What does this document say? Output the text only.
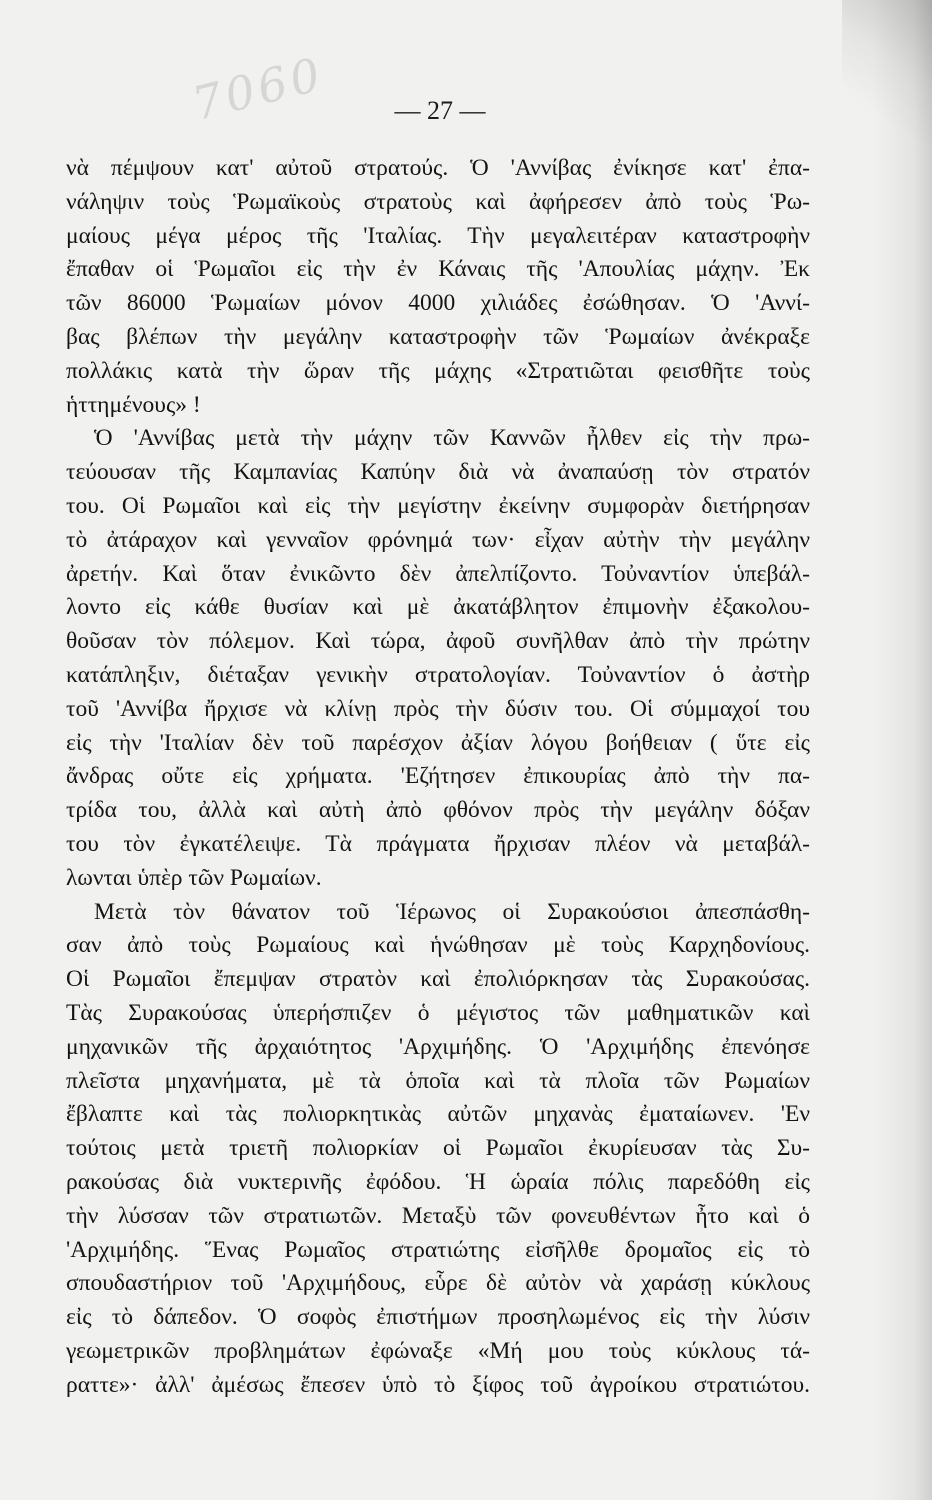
7060	— 27 —
νὰ πέμψουν κατ' αὐτοῦ στρατούς. Ὁ 'Αννίβας ἐνίκησε κατ' ἐπα-
νάληψιν τοὺς Ῥωμαϊκοὺς στρατοὺς καὶ ἀφήρεσεν ἀπὸ τοὺς Ῥω-
μαίους μέγα μέρος τῆς 'Ιταλίας. Τὴν μεγαλειτέραν καταστροφὴν
ἔπαθαν οἱ Ῥωμαῖοι εἰς τὴν ἐν Κάναις τῆς 'Απουλίας μάχην. Ἐκ
τῶν 86000 Ῥωμαίων μόνον 4000 χιλιάδες ἐσώθησαν. Ὁ 'Αννί-
βας βλέπων τὴν μεγάλην καταστροφὴν τῶν Ῥωμαίων ἀνέκραξε
πολλάκις κατὰ τὴν ὥραν τῆς μάχης «Στρατιῶται φεισθῆτε τοὺς
ἡττημένους» !
Ὁ 'Αννίβας μετὰ τὴν μάχην τῶν Καννῶν ἦλθεν εἰς τὴν πρω-
τεύουσαν τῆς Καμπανίας Καπύην διὰ νὰ ἀναπαύσῃ τὸν στρατόν
του. Οἱ Ρωμαῖοι καὶ εἰς τὴν μεγίστην ἐκείνην συμφορὰν διετήρησαν
τὸ ἀτάραχον καὶ γενναῖον φρόνημά των· εἶχαν αὐτὴν τὴν μεγάλην
ἀρετήν. Καὶ ὅταν ἐνικῶντο δὲν ἀπελπίζοντο. Τοὐναντίον ὑπεβάλ-
λοντο εἰς κάθε θυσίαν καὶ μὲ ἀκατάβλητον ἐπιμονὴν ἐξακολου-
θοῦσαν τὸν πόλεμον. Καὶ τώρα, ἀφοῦ συνῆλθαν ἀπὸ τὴν πρώτην
κατάπληξιν, διέταξαν γενικὴν στρατολογίαν. Τοὐναντίον ὁ ἀστὴρ
τοῦ 'Αννίβα ἤρχισε νὰ κλίνῃ πρὸς τὴν δύσιν του. Οἱ σύμμαχοί του
εἰς τὴν 'Ιταλίαν δὲν τοῦ παρέσχον ἀξίαν λόγου βοήθειαν ( ὕτε εἰς
ἄνδρας οὔτε εἰς χρήματα. 'Εζήτησεν ἐπικουρίας ἀπὸ τὴν πα-
τρίδα του, ἀλλὰ καὶ αὐτὴ ἀπὸ φθόνον πρὸς τὴν μεγάλην δόξαν
του τὸν ἐγκατέλειψε. Τὰ πράγματα ἤρχισαν πλέον νὰ μεταβάλ-
λωνται ὑπὲρ τῶν Ρωμαίων.
Μετὰ τὸν θάνατον τοῦ Ἱέρωνος οἱ Συρακούσιοι ἀπεσπάσθη-
σαν ἀπὸ τοὺς Ρωμαίους καὶ ἡνώθησαν μὲ τοὺς Καρχηδονίους.
Οἱ Ρωμαῖοι ἔπεμψαν στρατὸν καὶ ἐπολιόρκησαν τὰς Συρακούσας.
Τὰς Συρακούσας ὑπερήσπιζεν ὁ μέγιστος τῶν μαθηματικῶν καὶ
μηχανικῶν τῆς ἀρχαιότητος 'Αρχιμήδης. Ὁ 'Αρχιμήδης ἐπενόησε
πλεῖστα μηχανήματα, μὲ τὰ ὁποῖα καὶ τὰ πλοῖα τῶν Ρωμαίων
ἔβλαπτε καὶ τὰς πολιορκητικὰς αὐτῶν μηχανὰς ἐματαίωνεν. 'Εν
τούτοις μετὰ τριετῆ πολιορκίαν οἱ Ρωμαῖοι ἐκυρίευσαν τὰς Συ-
ρακούσας διὰ νυκτερινῆς ἐφόδου. Ἡ ὡραία πόλις παρεδόθη εἰς
τὴν λύσσαν τῶν στρατιωτῶν. Μεταξὺ τῶν φονευθέντων ἦτο καὶ ὁ
'Αρχιμήδης. Ἕνας Ρωμαῖος στρατιώτης εἰσῆλθε δρομαῖος εἰς τὸ
σπουδαστήριον τοῦ 'Αρχιμήδους, εὗρε δὲ αὐτὸν νὰ χαράσῃ κύκλους
εἰς τὸ δάπεδον. Ὁ σοφὸς ἐπιστήμων προσηλωμένος εἰς τὴν λύσιν
γεωμετρικῶν προβλημάτων ἐφώναξε «Μή μου τοὺς κύκλους τά-
ραττε»· ἀλλ' ἀμέσως ἔπεσεν ὑπὸ τὸ ξίφος τοῦ ἀγροίκου στρατιώτου.
